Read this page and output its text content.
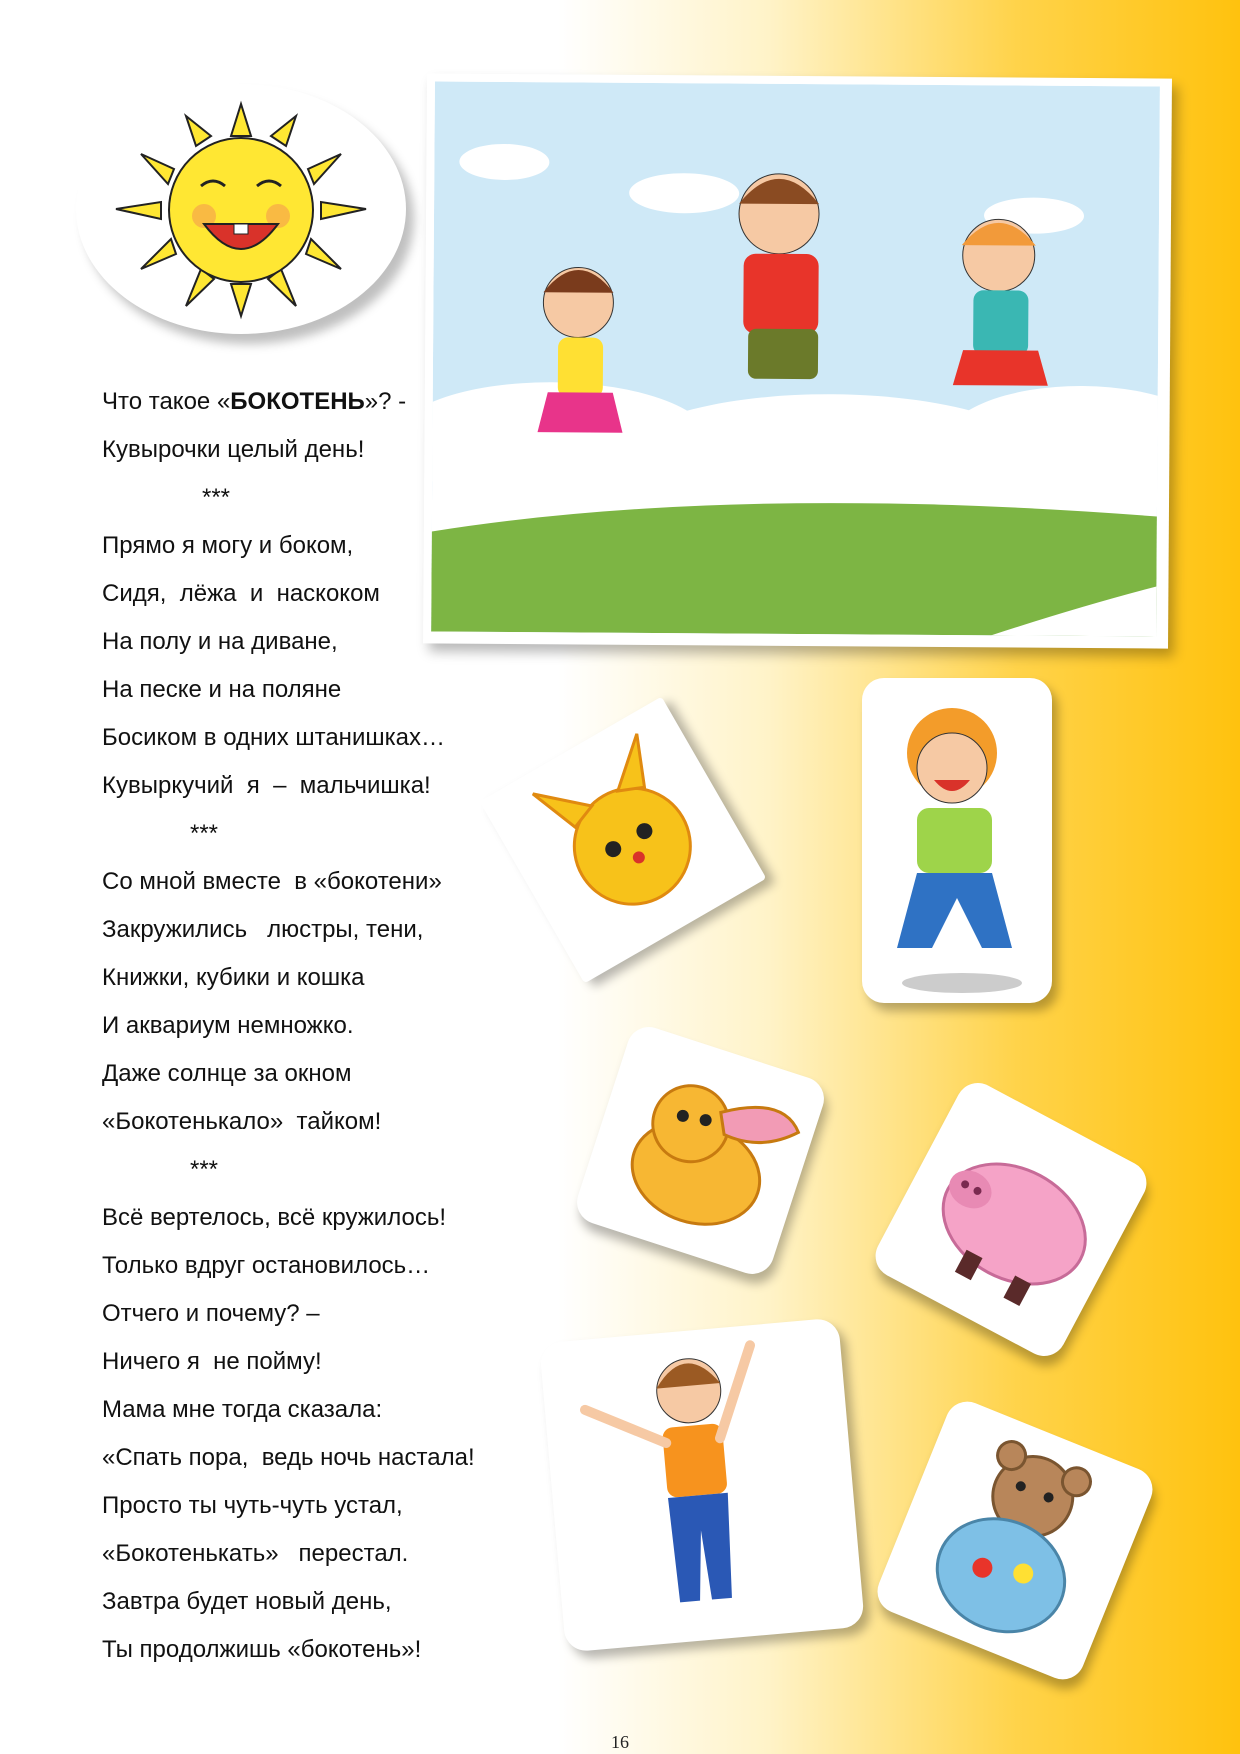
Что такое «БОКОТЕНЬ»? -
Кувырочки целый день!
***
Прямо я могу и боком,
Сидя,  лёжа  и  наскоком
На полу и на диване,
На песке и на поляне
Босиком в одних штанишках…
Кувыркучий  я  –  мальчишка!
***
Со мной вместе  в «бокотени»
Закружились   люстры, тени,
Книжки, кубики и кошка
И аквариум немножко.
Даже солнце за окном
«Бокотенькало»  тайком!
***
Всё вертелось, всё кружилось!
Только вдруг остановилось…
Отчего и почему? –
Ничего я  не пойму!
Мама мне тогда сказала:
«Спать пора,  ведь ночь настала!
Просто ты чуть-чуть устал,
«Бокотенькать»   перестал.
Завтра будет новый день,
Ты продолжишь «бокотень»!
16
